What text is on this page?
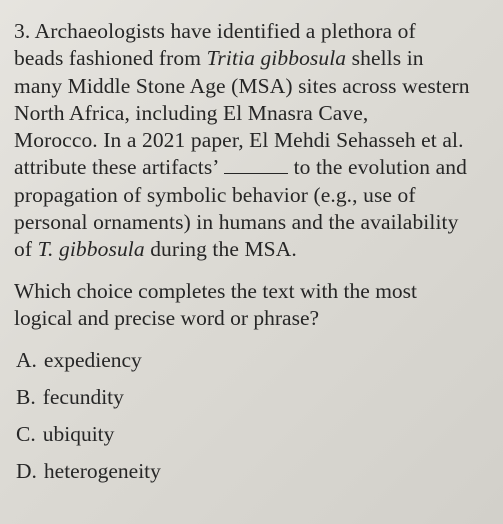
3. Archaeologists have identified a plethora of
beads fashioned from Tritia gibbosula shells in
many Middle Stone Age (MSA) sites across western
North Africa, including El Mnasra Cave,
Morocco. In a 2021 paper, El Mehdi Sehasseh et al.
attribute these artifacts’	to the evolution and
propagation of symbolic behavior (e.g., use of
personal ornaments) in humans and the availability
of T. gibbosula during the MSA.
Which choice completes the text with the most
logical and precise word or phrase?
A. expediency
B. fecundity
C. ubiquity
D. heterogeneity
